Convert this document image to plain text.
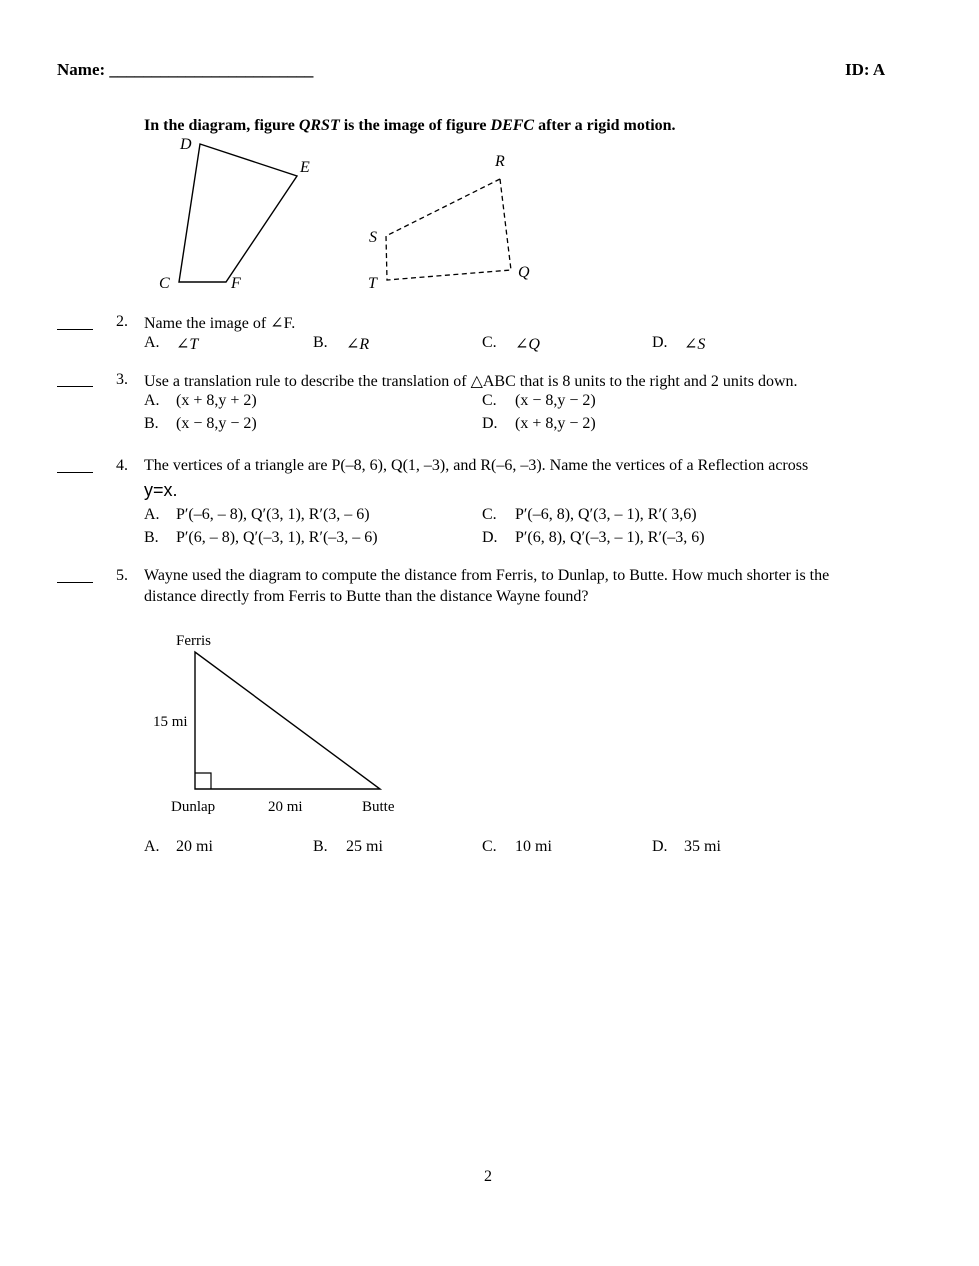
Name: ________________________	ID: A
In the diagram, figure QRST is the image of figure DEFC after a rigid motion.
D
E
C	F
R
S
T
Q
Ferris
15 mi
Dunlap	20 mi	Butte
2. Name the image of ∠F.
A. ∠T	B. ∠R	C. ∠Q	D. ∠S
3. Use a translation rule to describe the translation of △ABC that is 8 units to the right and 2 units down.
A. (x + 8,y + 2)
B. (x − 8,y − 2)
C. (x − 8,y − 2)
D. (x + 8,y − 2)
4. The vertices of a triangle are P(–8, 6), Q(1, –3), and R(–6, –3). Name the vertices of a Reflection across
y=x.
A. P′(–6, – 8), Q′(3, 1), R′(3, – 6)
B. P′(6, – 8), Q′(–3, 1), R′(–3, – 6)
C. P′(–6, 8), Q′(3, – 1), R′( 3,6)
D. P′(6, 8), Q′(–3, – 1), R′(–3, 6)
5. Wayne used the diagram to compute the distance from Ferris, to Dunlap, to Butte. How much shorter is the
distance directly from Ferris to Butte than the distance Wayne found?
A. 20 mi	B. 25 mi	C. 10 mi	D. 35 mi
2
